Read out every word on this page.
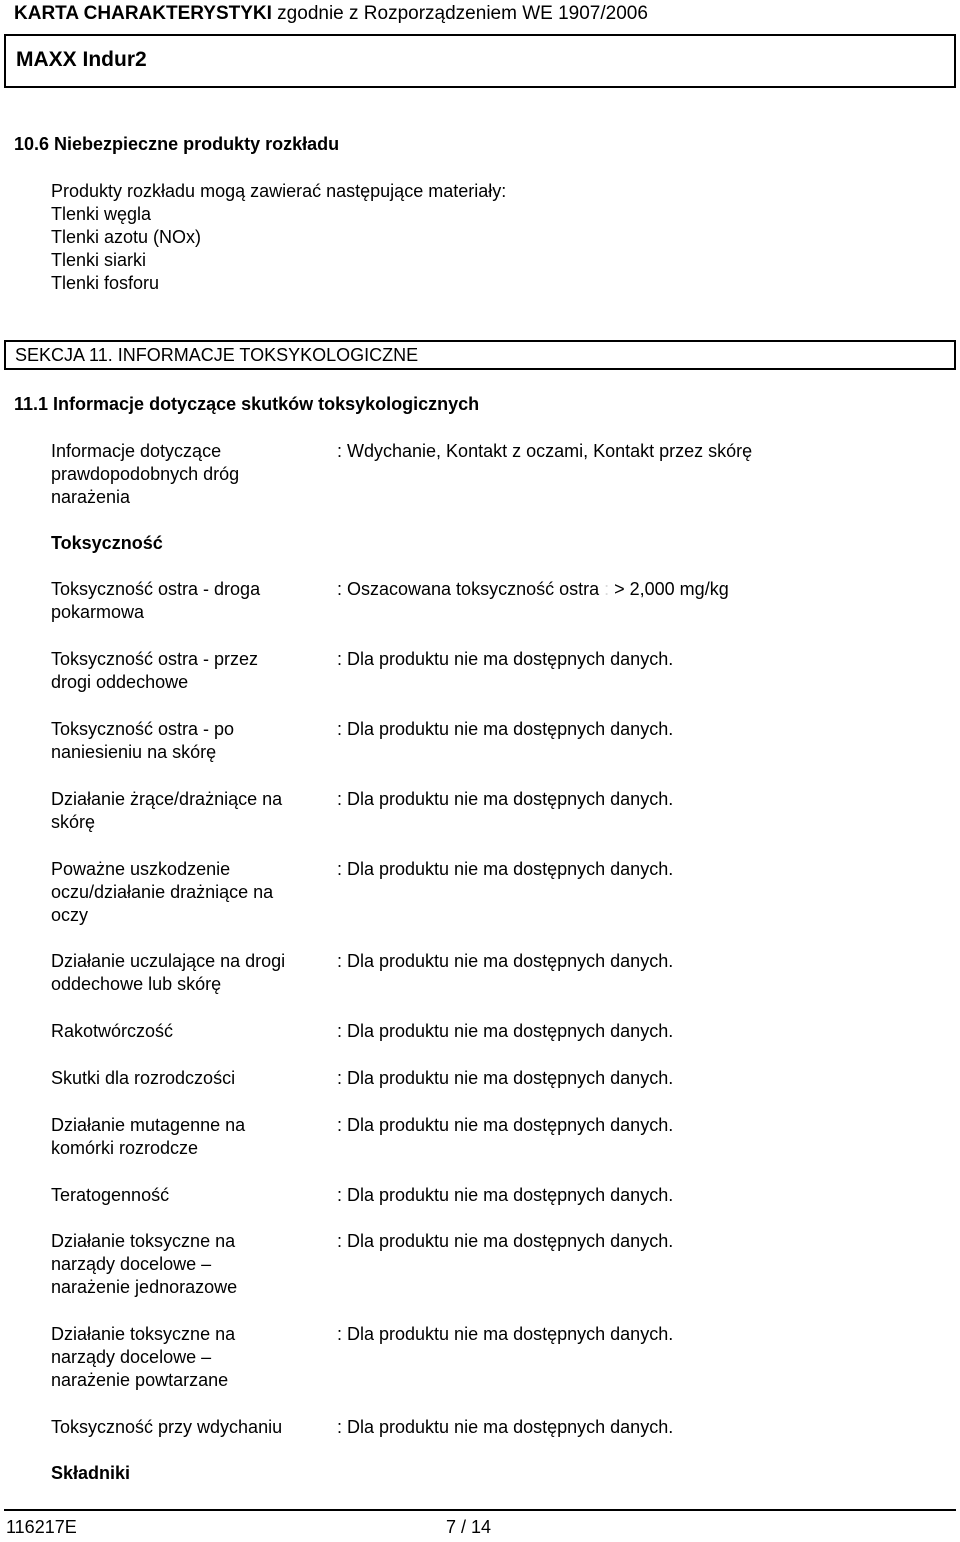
KARTA CHARAKTERYSTYKI zgodnie z Rozporządzeniem WE 1907/2006
MAXX Indur2
10.6 Niebezpieczne produkty rozkładu
Produkty rozkładu mogą zawierać następujące materiały:
Tlenki węgla
Tlenki azotu (NOx)
Tlenki siarki
Tlenki fosforu
SEKCJA 11. INFORMACJE TOKSYKOLOGICZNE
11.1 Informacje dotyczące skutków toksykologicznych
Informacje dotyczące prawdopodobnych dróg narażenia
: Wdychanie, Kontakt z oczami, Kontakt przez skórę
Toksyczność
Toksyczność ostra - droga pokarmowa
: Oszacowana toksyczność ostra : > 2,000 mg/kg
Toksyczność ostra - przez drogi oddechowe
: Dla produktu nie ma dostępnych danych.
Toksyczność ostra - po naniesieniu na skórę
: Dla produktu nie ma dostępnych danych.
Działanie żrące/drażniące na skórę
: Dla produktu nie ma dostępnych danych.
Poważne uszkodzenie oczu/działanie drażniące na oczy
: Dla produktu nie ma dostępnych danych.
Działanie uczulające na drogi oddechowe lub skórę
: Dla produktu nie ma dostępnych danych.
Rakotwórczość	: Dla produktu nie ma dostępnych danych.
Skutki dla rozrodczości	: Dla produktu nie ma dostępnych danych.
Działanie mutagenne na komórki rozrodcze
: Dla produktu nie ma dostępnych danych.
Teratogenność	: Dla produktu nie ma dostępnych danych.
Działanie toksyczne na narządy docelowe – narażenie jednorazowe
: Dla produktu nie ma dostępnych danych.
Działanie toksyczne na narządy docelowe – narażenie powtarzane
: Dla produktu nie ma dostępnych danych.
Toksyczność przy wdychaniu	: Dla produktu nie ma dostępnych danych.
Składniki
116217E	7 / 14
